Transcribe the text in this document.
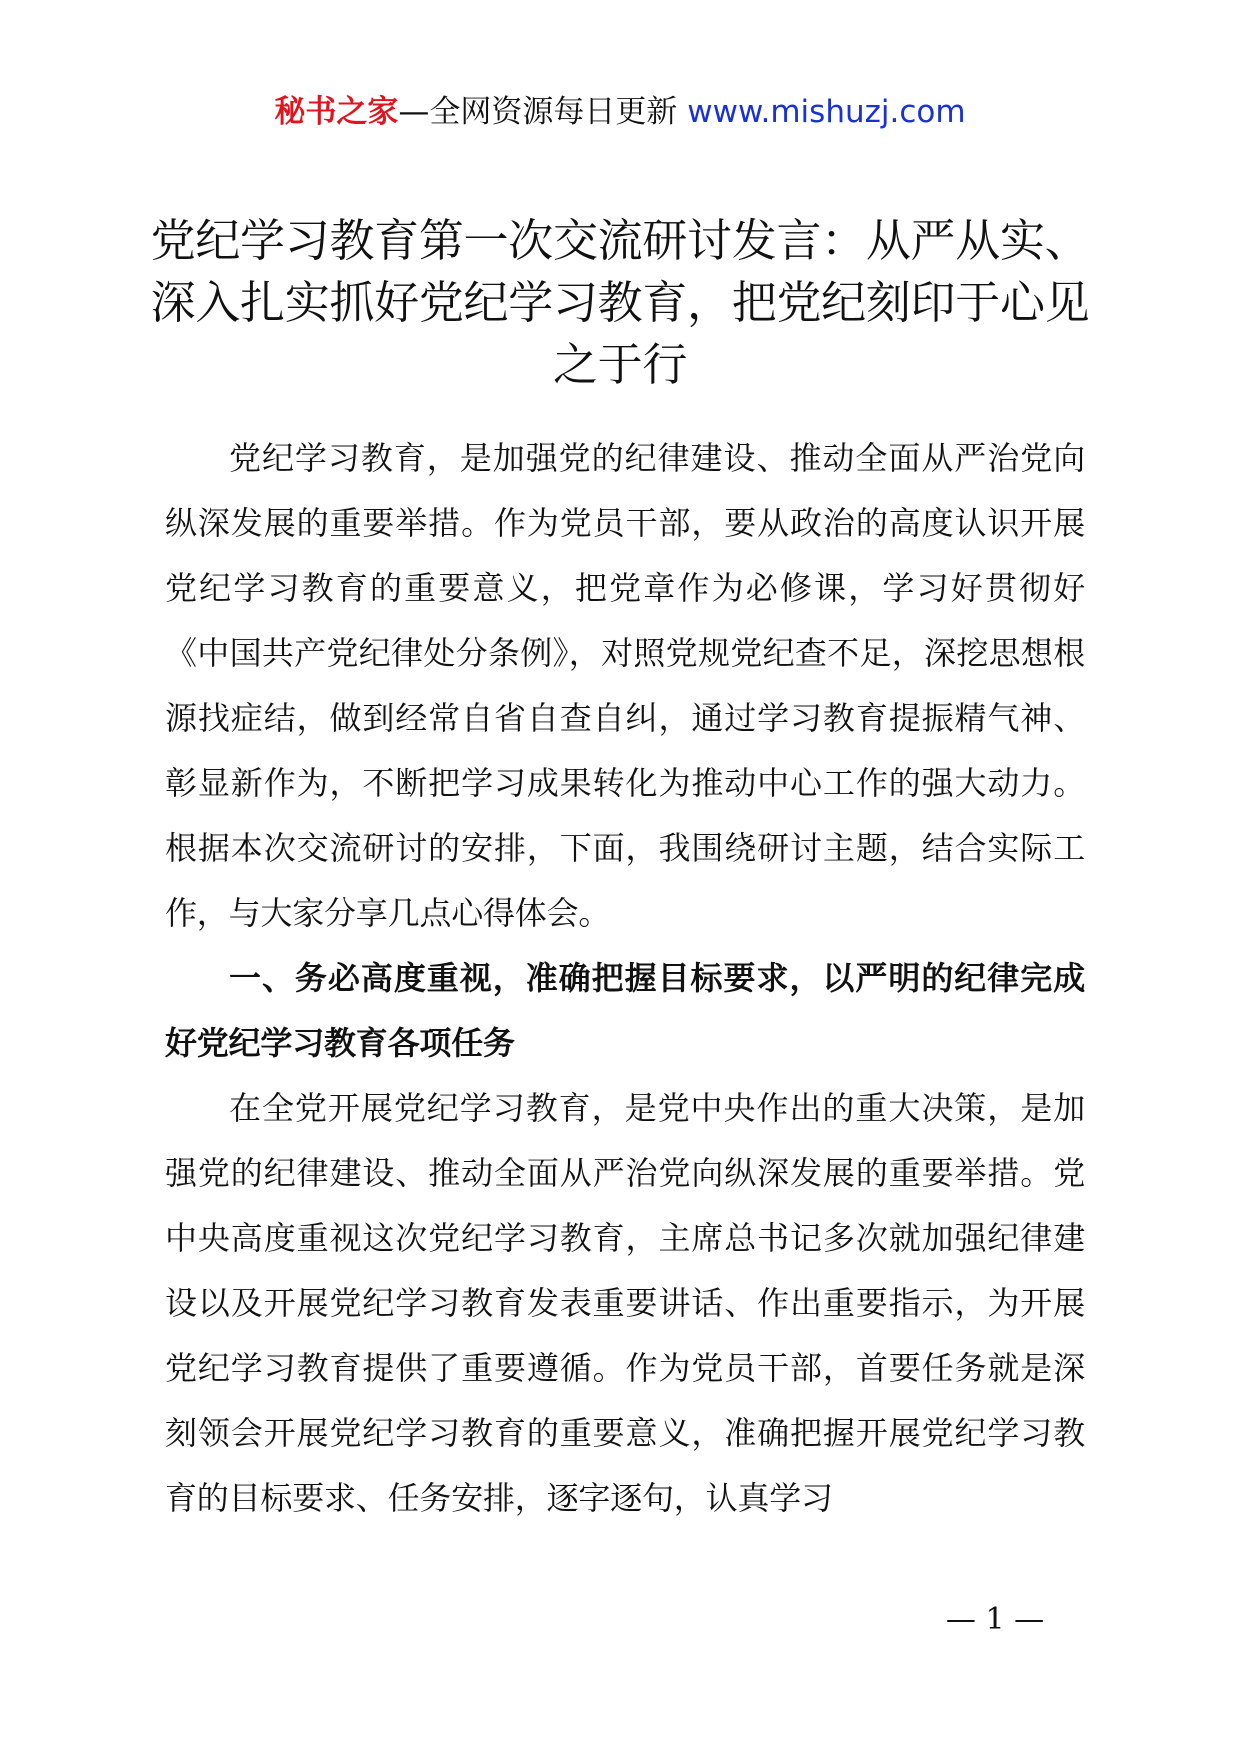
秘书之家—全网资源每日更新 www.mishuzj.com
党纪学习教育第一次交流研讨发言：从严从实、深入扎实抓好党纪学习教育，把党纪刻印于心见之于行

党纪学习教育，是加强党的纪律建设、推动全面从严治党向纵深发展的重要举措。作为党员干部，要从政治的高度认识开展党纪学习教育的重要意义，把党章作为必修课，学习好贯彻好《中国共产党纪律处分条例》，对照党规党纪查不足，深挖思想根源找症结，做到经常自省自查自纠，通过学习教育提振精气神、彰显新作为，不断把学习成果转化为推动中心工作的强大动力。根据本次交流研讨的安排，下面，我围绕研讨主题，结合实际工作，与大家分享几点心得体会。

一、务必高度重视，准确把握目标要求，以严明的纪律完成好党纪学习教育各项任务

在全党开展党纪学习教育，是党中央作出的重大决策，是加强党的纪律建设、推动全面从严治党向纵深发展的重要举措。党中央高度重视这次党纪学习教育，主席总书记多次就加强纪律建设以及开展党纪学习教育发表重要讲话、作出重要指示，为开展党纪学习教育提供了重要遵循。作为党员干部，首要任务就是深刻领会开展党纪学习教育的重要意义，准确把握开展党纪学习教育的目标要求、任务安排，逐字逐句，认真学习

— 1 —
